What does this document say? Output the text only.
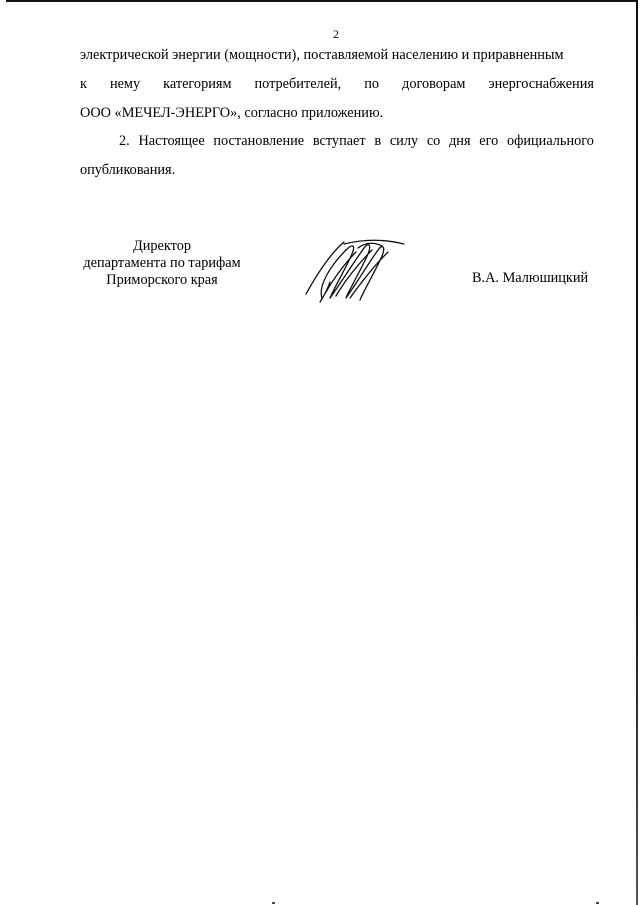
2
электрической энергии (мощности), поставляемой населению и приравненным
к нему категориям потребителей, по договорам энергоснабжения
ООО «МЕЧЕЛ-ЭНЕРГО», согласно приложению.
2. Настоящее постановление вступает в силу со дня его официального
опубликования.
Директор
департамента по тарифам
Приморского края	В.А. Малюшицкий
